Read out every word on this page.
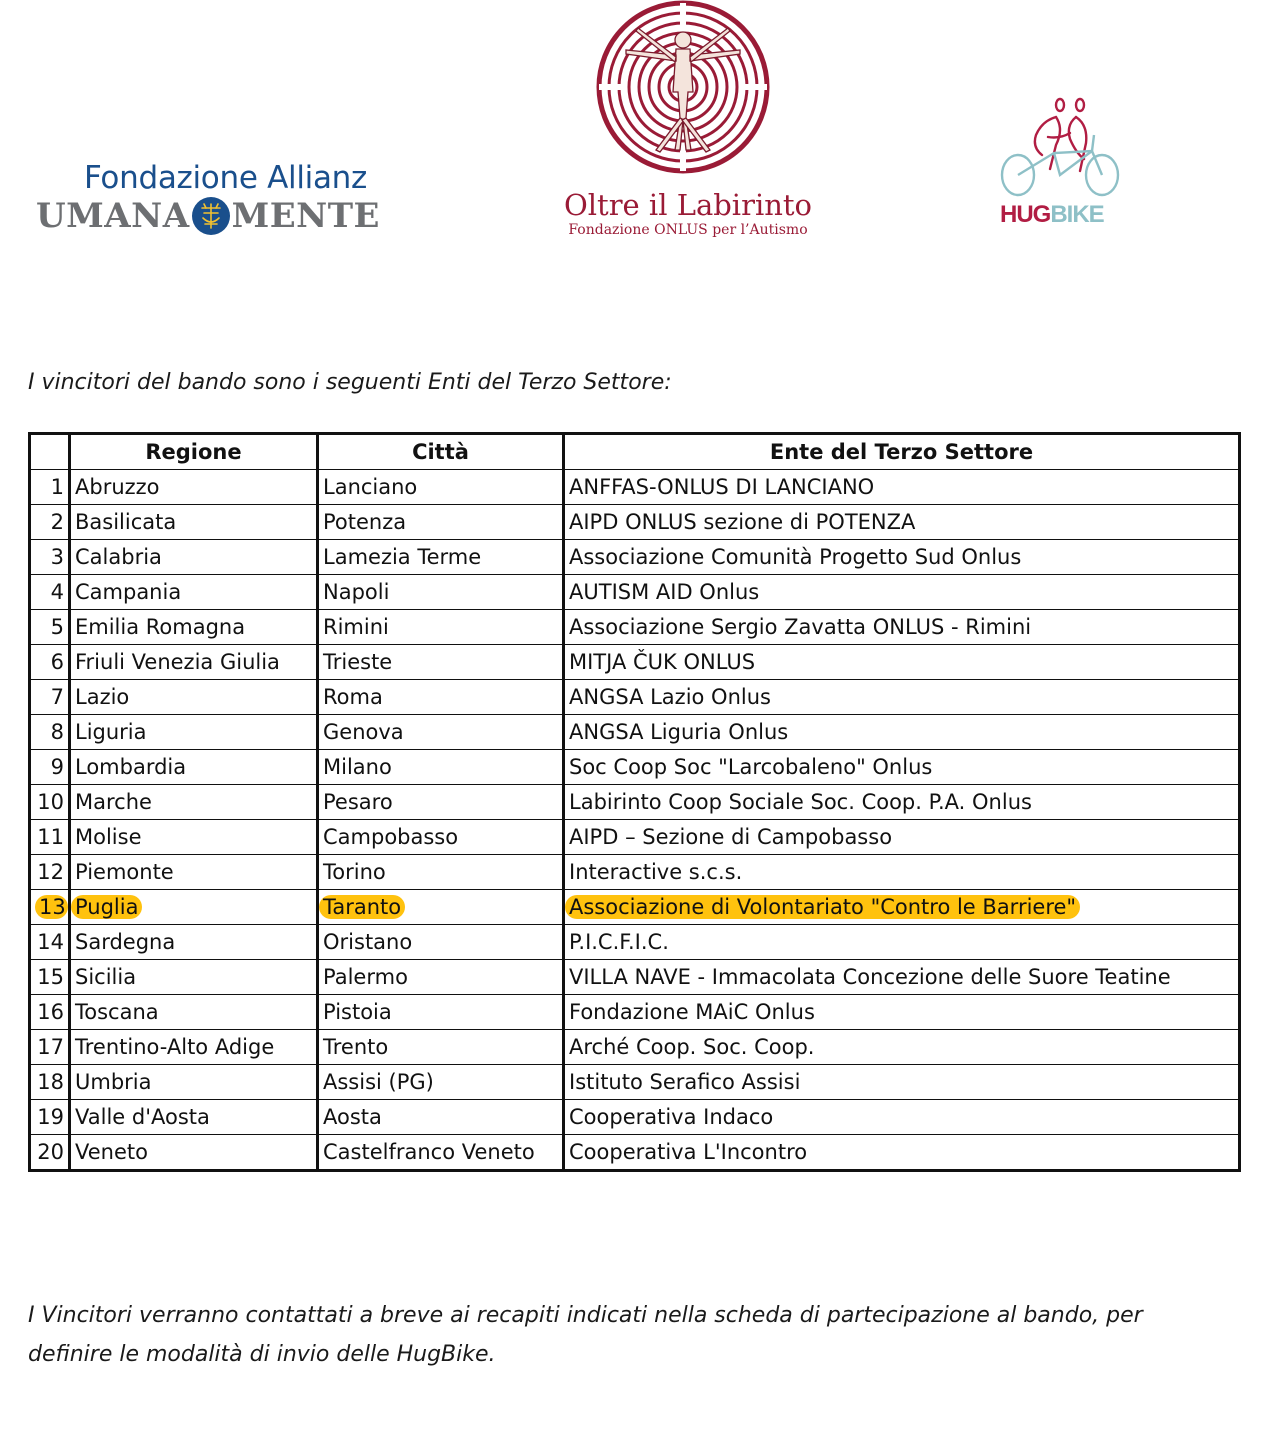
Fondazione Allianz
UMANA MENTE	Oltre il Labirinto
Fondazione ONLUS per l’Autismo
HUGBIKE
I vincitori del bando sono i seguenti Enti del Terzo Settore:
	Regione	Città	Ente del Terzo Settore
1	Abruzzo	Lanciano	ANFFAS-ONLUS DI LANCIANO
2	Basilicata	Potenza	AIPD ONLUS sezione di POTENZA
3	Calabria	Lamezia Terme	Associazione Comunità Progetto Sud Onlus
4	Campania	Napoli	AUTISM AID Onlus
5	Emilia Romagna	Rimini	Associazione Sergio Zavatta ONLUS - Rimini
6	Friuli Venezia Giulia	Trieste	MITJA ČUK ONLUS
7	Lazio	Roma	ANGSA Lazio Onlus
8	Liguria	Genova	ANGSA Liguria Onlus
9	Lombardia	Milano	Soc Coop Soc "Larcobaleno" Onlus
10	Marche	Pesaro	Labirinto Coop Sociale Soc. Coop. P.A. Onlus
11	Molise	Campobasso	AIPD – Sezione di Campobasso
12	Piemonte	Torino	Interactive s.c.s.
13	Puglia	Taranto	Associazione di Volontariato "Contro le Barriere"
14	Sardegna	Oristano	P.I.C.F.I.C.
15	Sicilia	Palermo	VILLA NAVE - Immacolata Concezione delle Suore Teatine
16	Toscana	Pistoia	Fondazione MAiC Onlus
17	Trentino-Alto Adige	Trento	Arché Coop. Soc. Coop.
18	Umbria	Assisi (PG)	Istituto Serafico Assisi
19	Valle d'Aosta	Aosta	Cooperativa Indaco
20	Veneto	Castelfranco Veneto	Cooperativa L'Incontro
I Vincitori verranno contattati a breve ai recapiti indicati nella scheda di partecipazione al bando, per definire le modalità di invio delle HugBike.
